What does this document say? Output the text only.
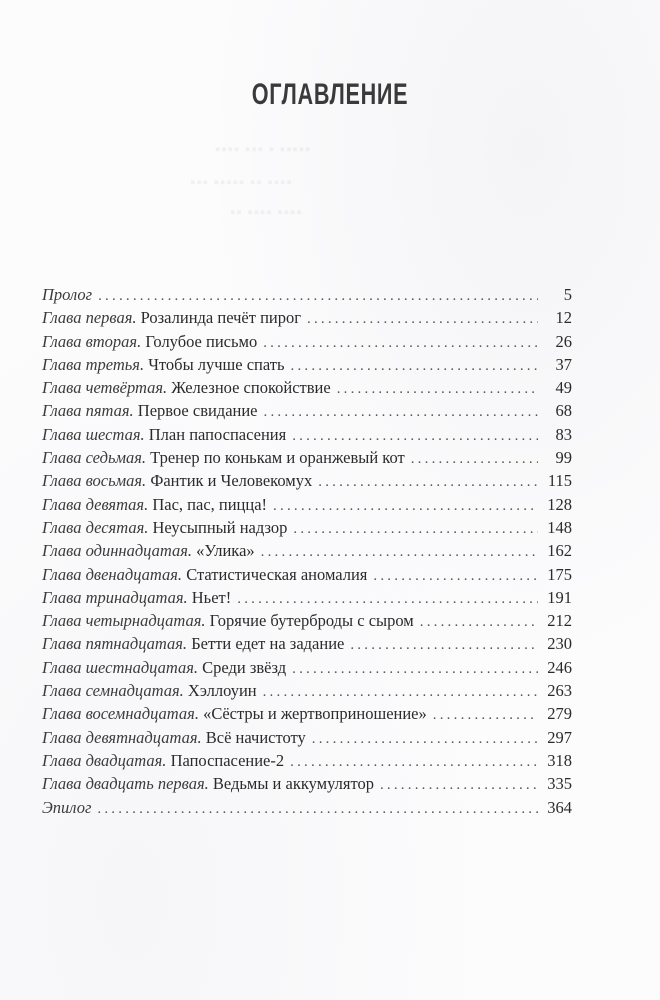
▪▪▪▪ ▪▪▪ ▪ ▪▪▪▪▪
▪▪▪ ▪▪▪▪▪ ▪▪ ▪▪▪▪
▪▪ ▪▪▪▪ ▪▪▪▪
ОГЛАВЛЕНИЕ
Пролог .....	5
Глава первая. Розалинда печёт пирог .....	12
Глава вторая. Голубое письмо .....	26
Глава третья. Чтобы лучше спать .....	37
Глава четвёртая. Железное спокойствие .....	49
Глава пятая. Первое свидание .....	68
Глава шестая. План папоспасения .....	83
Глава седьмая. Тренер по конькам и оранжевый кот .....	99
Глава восьмая. Фантик и Человекомух .....	115
Глава девятая. Пас, пас, пицца! .....	128
Глава десятая. Неусыпный надзор .....	148
Глава одиннадцатая. «Улика» .....	162
Глава двенадцатая. Статистическая аномалия .....	175
Глава тринадцатая. Ньет! .....	191
Глава четырнадцатая. Горячие бутерброды с сыром .....	212
Глава пятнадцатая. Бетти едет на задание .....	230
Глава шестнадцатая. Среди звёзд .....	246
Глава семнадцатая. Хэллоуин .....	263
Глава восемнадцатая. «Сёстры и жертвоприношение» .....	279
Глава девятнадцатая. Всё начистоту .....	297
Глава двадцатая. Папоспасение-2 .....	318
Глава двадцать первая. Ведьмы и аккумулятор .....	335
Эпилог .....	364
